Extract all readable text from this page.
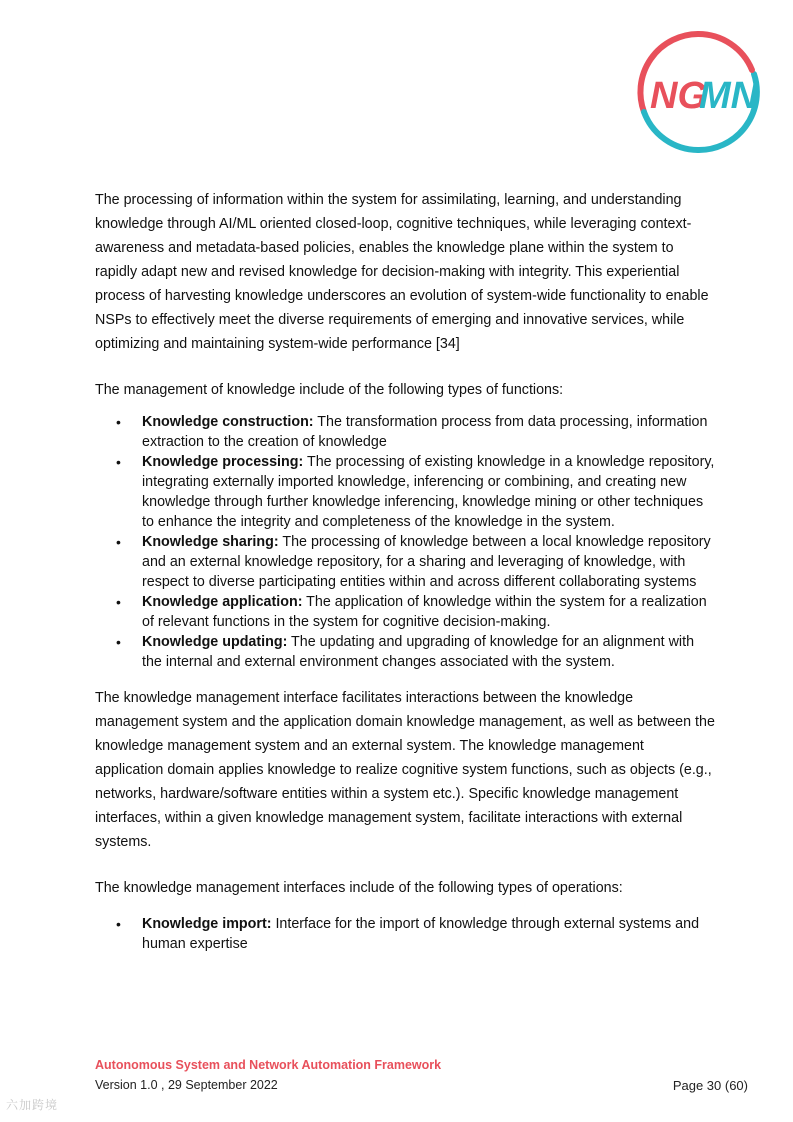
NG
MN

The processing of information within the system for assimilating, learning, and understanding knowledge through AI/ML oriented closed-loop, cognitive techniques, while leveraging context-awareness and metadata-based policies, enables the knowledge plane within the system to rapidly adapt new and revised knowledge for decision-making with integrity. This experiential process of harvesting knowledge underscores an evolution of system-wide functionality to enable NSPs to effectively meet the diverse requirements of emerging and innovative services, while optimizing and maintaining system-wide performance [34]

The management of knowledge include of the following types of functions:

• Knowledge construction: The transformation process from data processing, information extraction to the creation of knowledge
• Knowledge processing: The processing of existing knowledge in a knowledge repository, integrating externally imported knowledge, inferencing or combining, and creating new knowledge through further knowledge inferencing, knowledge mining or other techniques to enhance the integrity and completeness of the knowledge in the system.
• Knowledge sharing: The processing of knowledge between a local knowledge repository and an external knowledge repository, for a sharing and leveraging of knowledge, with respect to diverse participating entities within and across different collaborating systems
• Knowledge application: The application of knowledge within the system for a realization of relevant functions in the system for cognitive decision-making.
• Knowledge updating: The updating and upgrading of knowledge for an alignment with the internal and external environment changes associated with the system.

The knowledge management interface facilitates interactions between the knowledge management system and the application domain knowledge management, as well as between the knowledge management system and an external system. The knowledge management application domain applies knowledge to realize cognitive system functions, such as objects (e.g., networks, hardware/software entities within a system etc.). Specific knowledge management interfaces, within a given knowledge management system, facilitate interactions with external systems.

The knowledge management interfaces include of the following types of operations:

• Knowledge import: Interface for the import of knowledge through external systems and human expertise
Autonomous System and Network Automation Framework
Version 1.0 , 29 September 2022	Page 30 (60)
六加跨境
